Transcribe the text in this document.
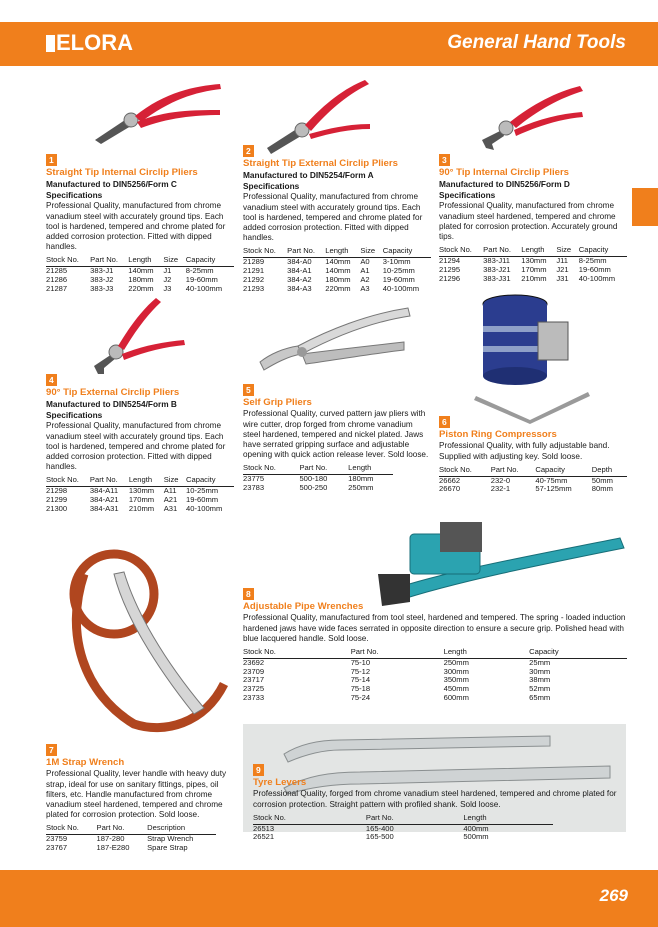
ELORA	General Hand Tools
269
1
Straight Tip Internal Circlip Pliers
Manufactured to DIN5256/Form C Specifications
Professional Quality, manufactured from chrome vanadium steel with accurately ground tips. Each tool is hardened, tempered and chrome plated for added corrosion protection. Fitted with dipped handles.
Stock No.	Part No.	Length	Size	Capacity
21285	383-J1	140mm	J1	8-25mm
21286	383-J2	180mm	J2	19-60mm
21287	383-J3	220mm	J3	40-100mm
2
Straight Tip External Circlip Pliers
Manufactured to DIN5254/Form A Specifications
Professional Quality, manufactured from chrome vanadium steel with accurately ground tips. Each tool is hardened, tempered and chrome plated for added corrosion protection. Fitted with dipped handles.
Stock No.	Part No.	Length	Size	Capacity
21289	384-A0	140mm	A0	3-10mm
21291	384-A1	140mm	A1	10-25mm
21292	384-A2	180mm	A2	19-60mm
21293	384-A3	220mm	A3	40-100mm
3
90° Tip Internal Circlip Pliers
Manufactured to DIN5256/Form D Specifications
Professional Quality, manufactured from chrome vanadium steel hardened, tempered and chrome plated for corrosion protection. Accurately ground tips.
Stock No.	Part No.	Length	Size	Capacity
21294	383-J11	130mm	J11	8-25mm
21295	383-J21	170mm	J21	19-60mm
21296	383-J31	210mm	J31	40-100mm
4
90° Tip External Circlip Pliers
Manufactured to DIN5254/Form B Specifications
Professional Quality, manufactured from chrome vanadium steel with accurately ground tips. Each tool is hardened, tempered and chrome plated for added corrosion protection. Fitted with dipped handles.
Stock No.	Part No.	Length	Size	Capacity
21298	384-A11	130mm	A11	10-25mm
21299	384-A21	170mm	A21	19-60mm
21300	384-A31	210mm	A31	40-100mm
5
Self Grip Pliers
Professional Quality, curved pattern jaw pliers with wire cutter, drop forged from chrome vanadium steel hardened, tempered and nickel plated. Jaws have serrated gripping surface and adjustable opening with quick action release lever. Sold loose.
Stock No.	Part No.	Length
23775	500-180	180mm
23783	500-250	250mm
6
Piston Ring Compressors
Professional Quality, with fully adjustable band. Supplied with adjusting key. Sold loose.
Stock No.	Part No.	Capacity	Depth
26662	232-0	40-75mm	50mm
26670	232-1	57-125mm	80mm
7
1M Strap Wrench
Professional Quality, lever handle with heavy duty strap, ideal for use on sanitary fittings, pipes, oil filters, etc. Handle manufactured from chrome vanadium steel hardened, tempered and chrome plated for corrosion protection. Sold loose.
Stock No.	Part No.	Description
23759	187-280	Strap Wrench
23767	187-E280	Spare Strap
8
Adjustable Pipe Wrenches
Professional Quality, manufactured from tool steel, hardened and tempered. The spring - loaded induction hardened jaws have wide faces serrated in opposite direction to ensure a secure grip. Polished head with blue lacquered handle. Sold loose.
Stock No.	Part No.	Length	Capacity
23692	75-10	250mm	25mm
23709	75-12	300mm	30mm
23717	75-14	350mm	38mm
23725	75-18	450mm	52mm
23733	75-24	600mm	65mm
9
Tyre Levers
Professional Quality, forged from chrome vanadium steel hardened, tempered and chrome plated for corrosion protection. Straight pattern with profiled shank. Sold loose.
Stock No.	Part No.	Length
26513	165-400	400mm
26521	165-500	500mm
